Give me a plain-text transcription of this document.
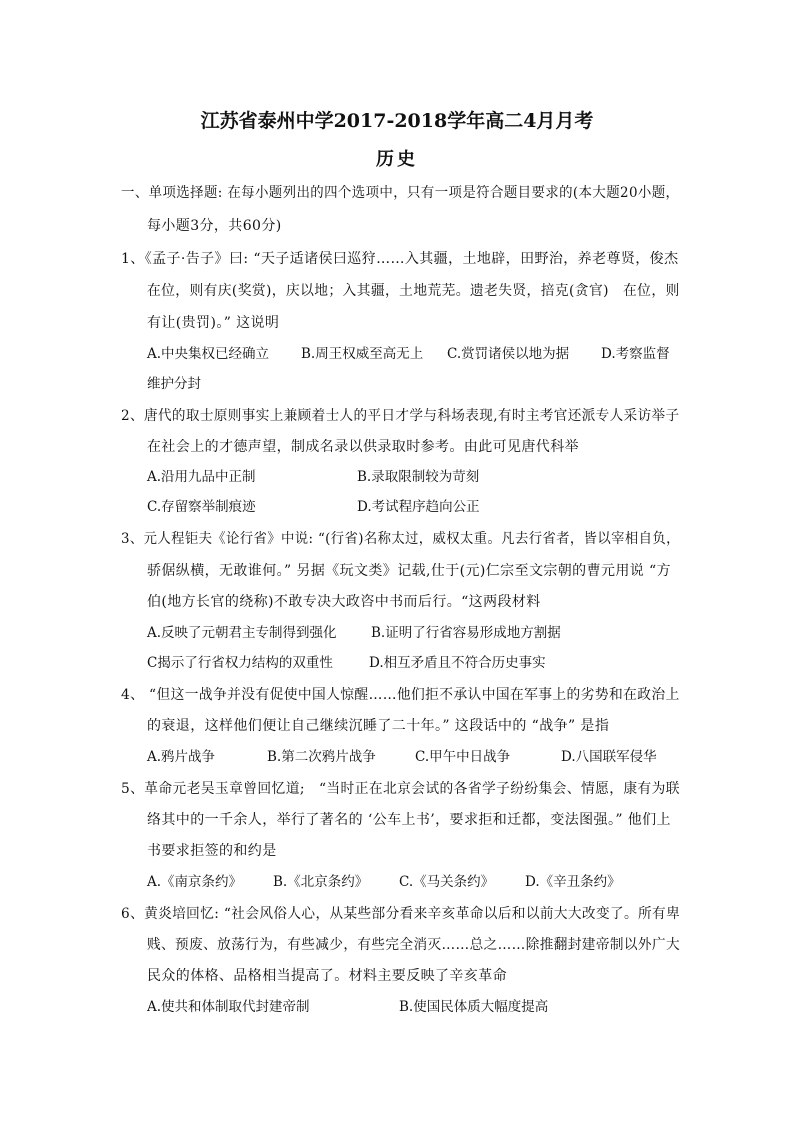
江苏省泰州中学2017-2018学年高二4月月考
历史
一、单项选择题: 在每小题列出的四个选项中，只有一项是符合题目要求的(本大题20小题，
每小题3分，共60分)
1、《孟子·告子》曰: “天子适诸侯曰巡狩……入其疆，土地辟，田野治，养老尊贤，俊杰
在位，则有庆(奖赏)，庆以地；入其疆，土地荒芜。遗老失贤，掊克(贪官)　在位，则
有让(贵罚)。” 这说明
A.中央集权已经确立 B.周王权威至高无上 C.赏罚诸侯以地为据 D.考察监督
维护分封
2、唐代的取士原则事实上兼顾着士人的平日才学与科场表现,有时主考官还派专人采访举子
在社会上的才德声望，制成名录以供录取时参考。由此可见唐代科举
A.沿用九品中正制	B.录取限制较为苛刻
C.存留察举制痕迹	D.考试程序趋向公正
3、元人程钜夫《论行省》中说: “(行省)名称太过，威权太重。凡去行省者，皆以宰相自负，
骄倨纵横，无敢谁何。” 另据《玩文类》记载,仕于(元)仁宗至文宗朝的曹元用说 “方
伯(地方长官的绕称)不敢专决大政咨中书而后行。“这两段材料
A.反映了元朝君主专制得到强化	B.证明了行省容易形成地方割据
C揭示了行省权力结构的双重性	D.相互矛盾且不符合历史事实
4、 “但这一战争并没有促使中国人惊醒……他们拒不承认中国在军事上的劣势和在政治上
的衰退，这样他们便让自己继续沉睡了二十年。” 这段话中的 “战争” 是指
A.鸦片战争	B.第二次鸦片战争	C.甲午中日战争	D.八国联军侵华
5、革命元老吴玉章曾回忆道;　“当时正在北京会试的各省学子纷纷集会、情愿，康有为联
络其中的一千余人，举行了著名的 ‘公车上书’，要求拒和迁都，变法图强。” 他们上
书要求拒签的和约是
A.《南京条约》 B.《北京条约》 C.《马关条约》 D.《辛丑条约》
6、黄炎培回忆: “社会风俗人心，从某些部分看来辛亥革命以后和以前大大改变了。所有卑
贱、预废、放荡行为，有些减少，有些完全消灭……总之……除推翻封建帝制以外广大
民众的体格、品格相当提高了。材料主要反映了辛亥革命
A.使共和体制取代封建帝制	B.使国民体质大幅度提高
